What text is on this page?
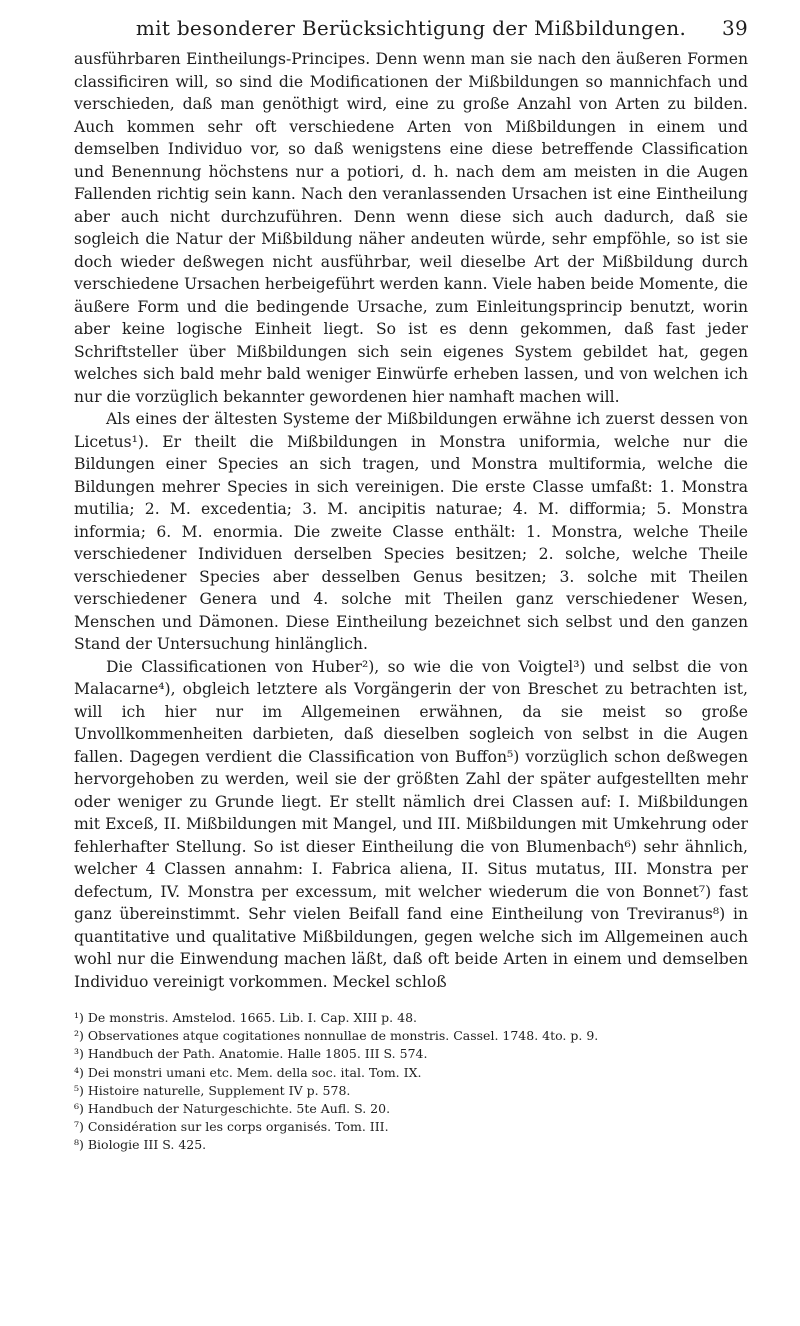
mit besonderer Berücksichtigung der Mißbildungen. 39

ausführbaren Eintheilungs-Principes. Denn wenn man sie nach den äußeren Formen classificiren will, so sind die Modificationen der Mißbildungen so mannichfach und verschieden, daß man genöthigt wird, eine zu große Anzahl von Arten zu bilden. Auch kommen sehr oft verschiedene Arten von Mißbildungen in einem und demselben Individuo vor, so daß wenigstens eine diese betreffende Classification und Benennung höchstens nur a potiori, d. h. nach dem am meisten in die Augen Fallenden richtig sein kann. Nach den veranlassenden Ursachen ist eine Eintheilung aber auch nicht durchzuführen. Denn wenn diese sich auch dadurch, daß sie sogleich die Natur der Mißbildung näher andeuten würde, sehr empföhle, so ist sie doch wieder deßwegen nicht ausführbar, weil dieselbe Art der Mißbildung durch verschiedene Ursachen herbeigeführt werden kann. Viele haben beide Momente, die äußere Form und die bedingende Ursache, zum Einleitungsprincip benutzt, worin aber keine logische Einheit liegt. So ist es denn gekommen, daß fast jeder Schriftsteller über Mißbildungen sich sein eigenes System gebildet hat, gegen welches sich bald mehr bald weniger Einwürfe erheben lassen, und von welchen ich nur die vorzüglich bekannter gewordenen hier namhaft machen will.

Als eines der ältesten Systeme der Mißbildungen erwähne ich zuerst dessen von Licetus¹). Er theilt die Mißbildungen in Monstra uniformia, welche nur die Bildungen einer Species an sich tragen, und Monstra multiformia, welche die Bildungen mehrer Species in sich vereinigen. Die erste Classe umfaßt: 1. Monstra mutilia; 2. M. excedentia; 3. M. ancipitis naturae; 4. M. difformia; 5. Monstra informia; 6. M. enormia. Die zweite Classe enthält: 1. Monstra, welche Theile verschiedener Individuen derselben Species besitzen; 2. solche, welche Theile verschiedener Species aber desselben Genus besitzen; 3. solche mit Theilen verschiedener Genera und 4. solche mit Theilen ganz verschiedener Wesen, Menschen und Dämonen. Diese Eintheilung bezeichnet sich selbst und den ganzen Stand der Untersuchung hinlänglich.

Die Classificationen von Huber²), so wie die von Voigtel³) und selbst die von Malacarne⁴), obgleich letztere als Vorgängerin der von Breschet zu betrachten ist, will ich hier nur im Allgemeinen erwähnen, da sie meist so große Unvollkommenheiten darbieten, daß dieselben sogleich von selbst in die Augen fallen. Dagegen verdient die Classification von Buffon⁵) vorzüglich schon deßwegen hervorgehoben zu werden, weil sie der größten Zahl der später aufgestellten mehr oder weniger zu Grunde liegt. Er stellt nämlich drei Classen auf: I. Mißbildungen mit Exceß, II. Mißbildungen mit Mangel, und III. Mißbildungen mit Umkehrung oder fehlerhafter Stellung. So ist dieser Eintheilung die von Blumenbach⁶) sehr ähnlich, welcher 4 Classen annahm: I. Fabrica aliena, II. Situs mutatus, III. Monstra per defectum, IV. Monstra per excessum, mit welcher wiederum die von Bonnet⁷) fast ganz übereinstimmt. Sehr vielen Beifall fand eine Eintheilung von Treviranus⁸) in quantitative und qualitative Mißbildungen, gegen welche sich im Allgemeinen auch wohl nur die Einwendung machen läßt, daß oft beide Arten in einem und demselben Individuo vereinigt vorkommen. Meckel schloß

¹) De monstris. Amstelod. 1665. Lib. I. Cap. XIII p. 48.

²) Observationes atque cogitationes nonnullae de monstris. Cassel. 1748. 4to. p. 9.

³) Handbuch der Path. Anatomie. Halle 1805. III S. 574.

⁴) Dei monstri umani etc. Mem. della soc. ital. Tom. IX.

⁵) Histoire naturelle, Supplement IV p. 578.

⁶) Handbuch der Naturgeschichte. 5te Aufl. S. 20.

⁷) Considération sur les corps organisés. Tom. III.

⁸) Biologie III S. 425.
